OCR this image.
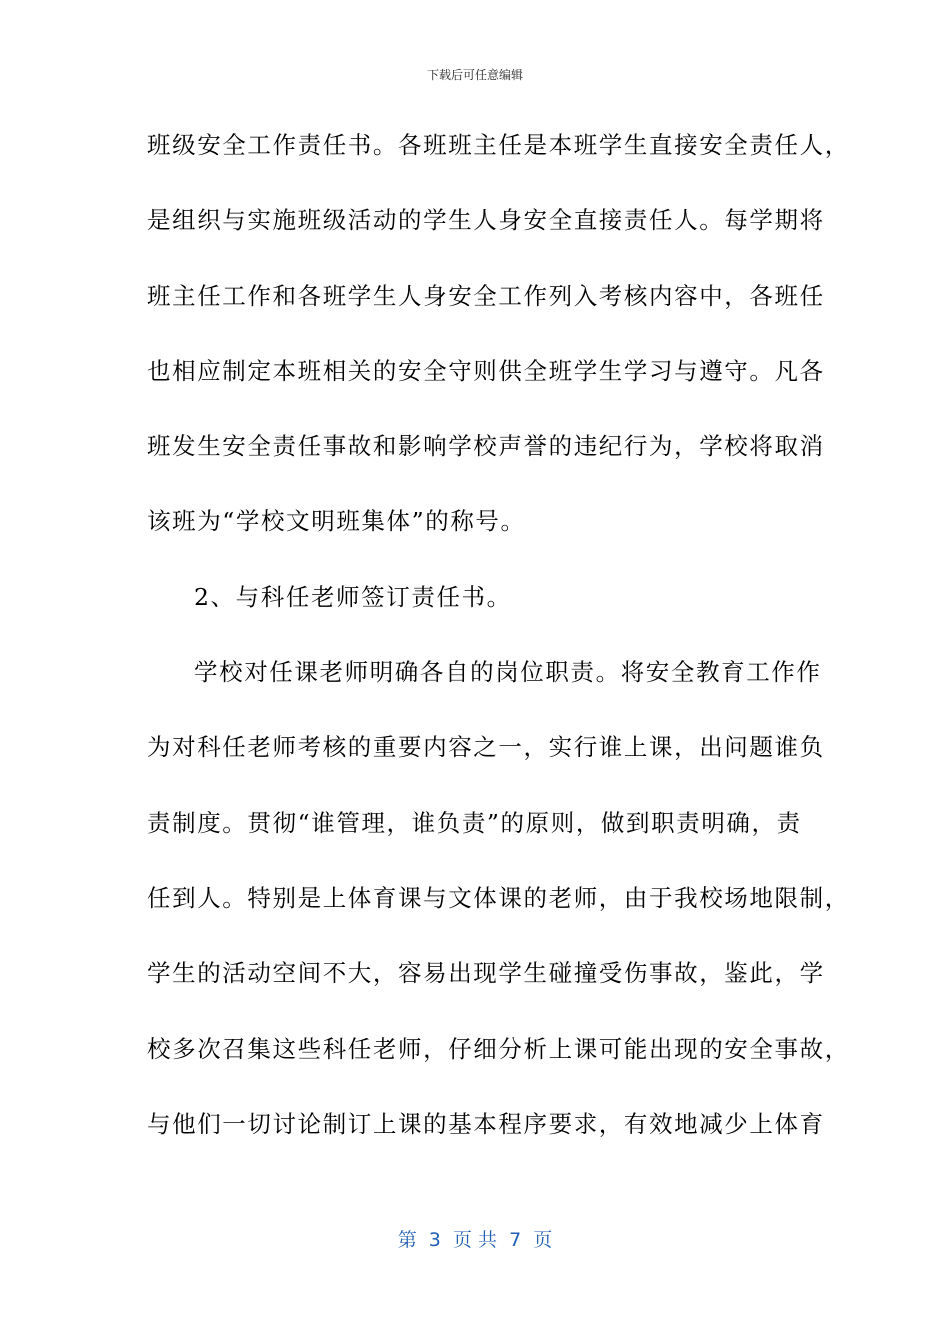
下载后可任意编辑
班级安全工作责任书。各班班主任是本班学生直接安全责任人，
是组织与实施班级活动的学生人身安全直接责任人。每学期将
班主任工作和各班学生人身安全工作列入考核内容中，各班任
也相应制定本班相关的安全守则供全班学生学习与遵守。凡各
班发生安全责任事故和影响学校声誉的违纪行为，学校将取消
该班为“学校文明班集体”的称号。
2、与科任老师签订责任书。
学校对任课老师明确各自的岗位职责。将安全教育工作作
为对科任老师考核的重要内容之一，实行谁上课，出问题谁负
责制度。贯彻“谁管理，谁负责”的原则，做到职责明确，责
任到人。特别是上体育课与文体课的老师，由于我校场地限制，
学生的活动空间不大，容易出现学生碰撞受伤事故，鉴此，学
校多次召集这些科任老师，仔细分析上课可能出现的安全事故，
与他们一切讨论制订上课的基本程序要求，有效地减少上体育
第  3  页 共  7  页
